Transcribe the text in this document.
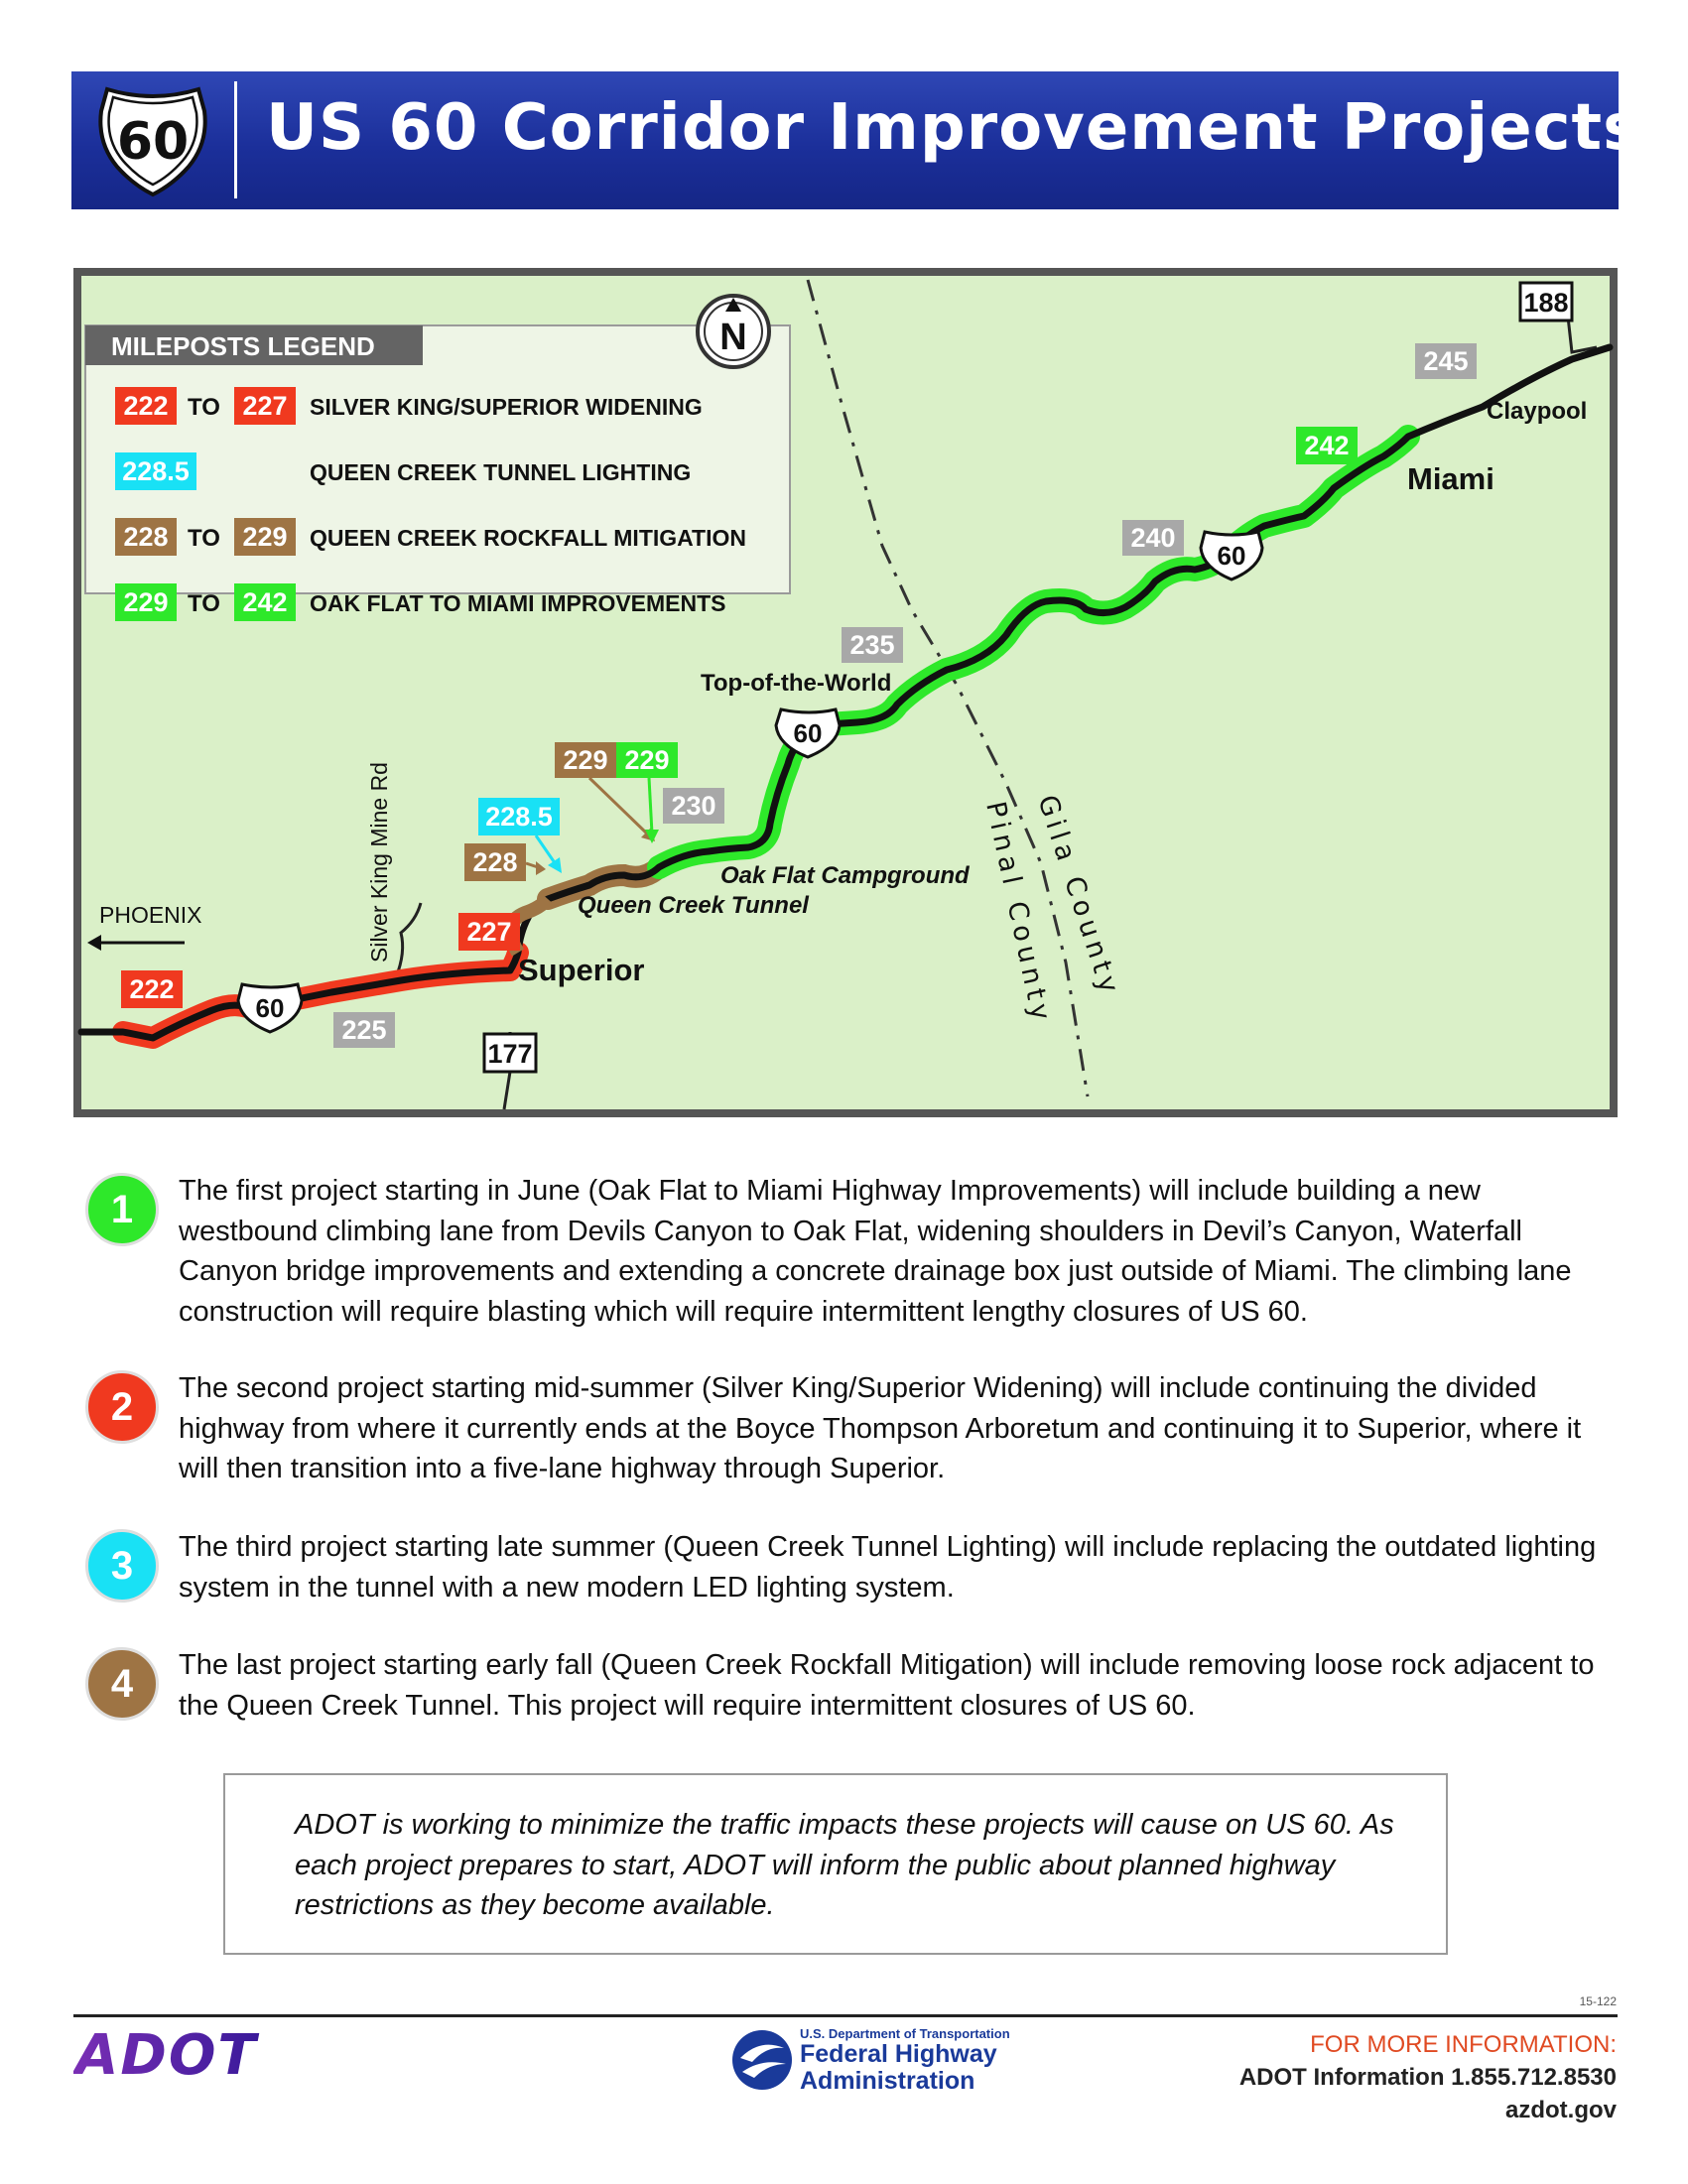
60 US 60 Corridor Improvement Projects
MILEPOSTS LEGEND
222 TO 227 SILVER KING/SUPERIOR WIDENING
228.5	QUEEN CREEK TUNNEL LIGHTING
228 TO 229 QUEEN CREEK ROCKFALL MITIGATION
229 TO 242 OAK FLAT TO MIAMI IMPROVEMENTS
N
188
177
60
60
60
222
225
227
228
228.5
229 229
230
235
240
242
245
PHOENIX	Silver King Mine Rd
Superior
Queen Creek Tunnel
Oak Flat Campground
Top-of-the-World
Miami
Claypool
Gila County
Pinal County
1	The first project starting in June (Oak Flat to Miami Highway Improvements) will include building a new westbound climbing lane from Devils Canyon to Oak Flat, widening shoulders in Devil’s Canyon, Waterfall Canyon bridge improvements and extending a concrete drainage box just outside of Miami. The climbing lane construction will require blasting which will require intermittent lengthy closures of US 60.
2	The second project starting mid-summer (Silver King/Superior Widening) will include continuing the divided highway from where it currently ends at the Boyce Thompson Arboretum and continuing it to Superior, where it will then transition into a five-lane highway through Superior.
3	The third project starting late summer (Queen Creek Tunnel Lighting) will include replacing the outdated lighting system in the tunnel with a new modern LED lighting system.
4	The last project starting early fall (Queen Creek Rockfall Mitigation) will include removing loose rock adjacent to the Queen Creek Tunnel. This project will require intermittent closures of US 60.
ADOT is working to minimize the traffic impacts these projects will cause on US 60. As each project prepares to start, ADOT will inform the public about planned highway restrictions as they become available.
15-122
ADOT	U.S. Department of Transportation
Federal Highway
Administration
FOR MORE INFORMATION:
ADOT Information 1.855.712.8530
azdot.gov
